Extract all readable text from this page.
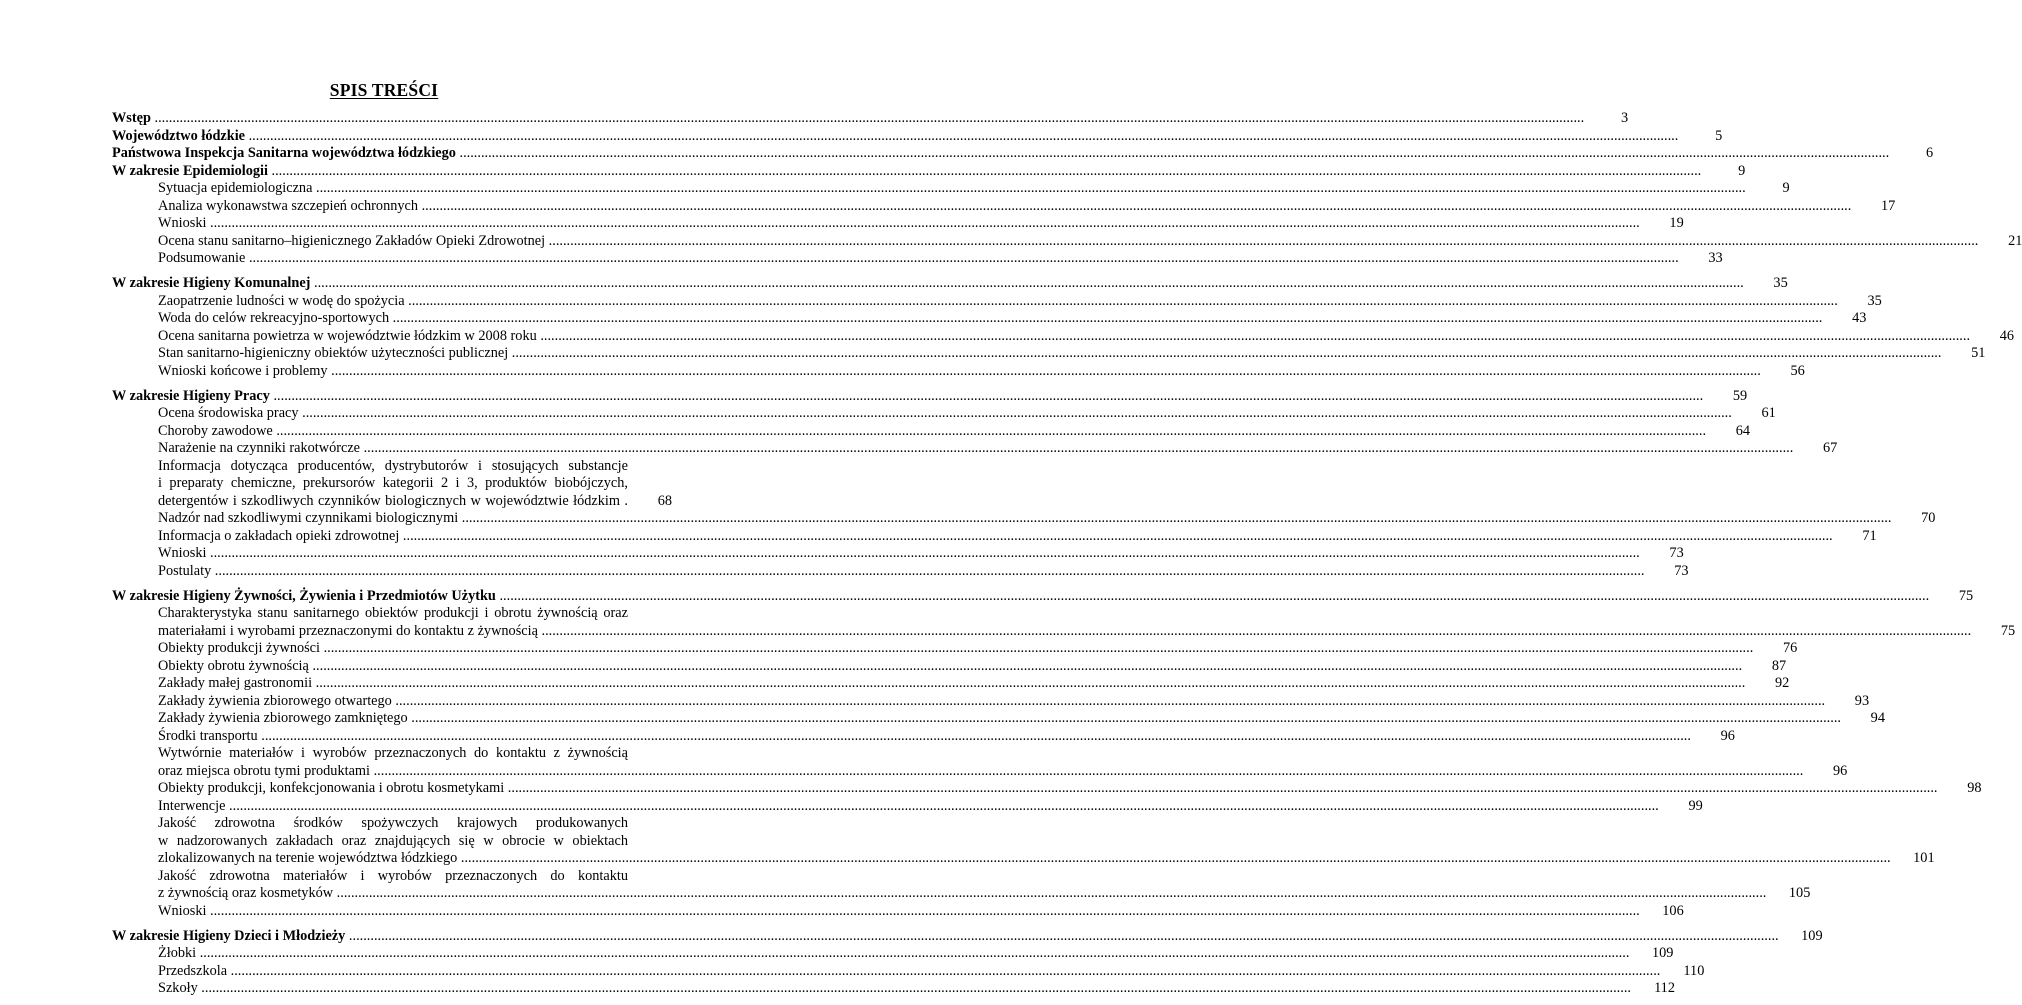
SPIS TREŚCI
Wstęp ................................................................................................................................................................................................................................................................................................................................................................................................................	3
Województwo łódzkie ................................................................................................................................................................................................................................................................................................................................................................................................................	5
Państwowa Inspekcja Sanitarna województwa łódzkiego ................................................................................................................................................................................................................................................................................................................................................................................................................	6
W zakresie Epidemiologii ................................................................................................................................................................................................................................................................................................................................................................................................................	9
Sytuacja epidemiologiczna ................................................................................................................................................................................................................................................................................................................................................................................................................	9
Analiza wykonawstwa szczepień ochronnych ................................................................................................................................................................................................................................................................................................................................................................................................................	17
Wnioski ................................................................................................................................................................................................................................................................................................................................................................................................................	19
Ocena stanu sanitarno–higienicznego Zakładów Opieki Zdrowotnej ................................................................................................................................................................................................................................................................................................................................................................................................................	21
Podsumowanie ................................................................................................................................................................................................................................................................................................................................................................................................................	33
W zakresie Higieny Komunalnej ................................................................................................................................................................................................................................................................................................................................................................................................................	35
Zaopatrzenie ludności w wodę do spożycia ................................................................................................................................................................................................................................................................................................................................................................................................................	35
Woda do celów rekreacyjno-sportowych ................................................................................................................................................................................................................................................................................................................................................................................................................	43
Ocena sanitarna powietrza w województwie łódzkim w 2008 roku ................................................................................................................................................................................................................................................................................................................................................................................................................	46
Stan sanitarno-higieniczny obiektów użyteczności publicznej ................................................................................................................................................................................................................................................................................................................................................................................................................	51
Wnioski końcowe i problemy ................................................................................................................................................................................................................................................................................................................................................................................................................	56
W zakresie Higieny Pracy ................................................................................................................................................................................................................................................................................................................................................................................................................	59
Ocena środowiska pracy ................................................................................................................................................................................................................................................................................................................................................................................................................	61
Choroby zawodowe ................................................................................................................................................................................................................................................................................................................................................................................................................	64
Narażenie na czynniki rakotwórcze ................................................................................................................................................................................................................................................................................................................................................................................................................	67
Informacja dotycząca producentów, dystrybutorów i stosujących substancje
i preparaty chemiczne, prekursorów kategorii 2 i 3, produktów biobójczych,
detergentów i szkodliwych czynników biologicznych w województwie łódzkim .	68
Nadzór nad szkodliwymi czynnikami biologicznymi ................................................................................................................................................................................................................................................................................................................................................................................................................	70
Informacja o zakładach opieki zdrowotnej ................................................................................................................................................................................................................................................................................................................................................................................................................	71
Wnioski ................................................................................................................................................................................................................................................................................................................................................................................................................	73
Postulaty ................................................................................................................................................................................................................................................................................................................................................................................................................	73
W zakresie Higieny Żywności, Żywienia i Przedmiotów Użytku ................................................................................................................................................................................................................................................................................................................................................................................................................	75
Charakterystyka stanu sanitarnego obiektów produkcji i obrotu żywnością oraz
materiałami i wyrobami przeznaczonymi do kontaktu z żywnością ................................................................................................................................................................................................................................................................................................................................................................................................................	75
Obiekty produkcji żywności ................................................................................................................................................................................................................................................................................................................................................................................................................	76
Obiekty obrotu żywnością ................................................................................................................................................................................................................................................................................................................................................................................................................	87
Zakłady małej gastronomii ................................................................................................................................................................................................................................................................................................................................................................................................................	92
Zakłady żywienia zbiorowego otwartego ................................................................................................................................................................................................................................................................................................................................................................................................................	93
Zakłady żywienia zbiorowego zamkniętego ................................................................................................................................................................................................................................................................................................................................................................................................................	94
Środki transportu ................................................................................................................................................................................................................................................................................................................................................................................................................	96
Wytwórnie materiałów i wyrobów przeznaczonych do kontaktu z żywnością
oraz miejsca obrotu tymi produktami ................................................................................................................................................................................................................................................................................................................................................................................................................	96
Obiekty produkcji, konfekcjonowania i obrotu kosmetykami ................................................................................................................................................................................................................................................................................................................................................................................................................	98
Interwencje ................................................................................................................................................................................................................................................................................................................................................................................................................	99
Jakość zdrowotna środków spożywczych krajowych produkowanych
w nadzorowanych zakładach oraz znajdujących się w obrocie w obiektach
zlokalizowanych na terenie województwa łódzkiego ................................................................................................................................................................................................................................................................................................................................................................................................................	101
Jakość zdrowotna materiałów i wyrobów przeznaczonych do kontaktu
z żywnością oraz kosmetyków ................................................................................................................................................................................................................................................................................................................................................................................................................	105
Wnioski ................................................................................................................................................................................................................................................................................................................................................................................................................	106
W zakresie Higieny Dzieci i Młodzieży ................................................................................................................................................................................................................................................................................................................................................................................................................	109
Żłobki ................................................................................................................................................................................................................................................................................................................................................................................................................	109
Przedszkola ................................................................................................................................................................................................................................................................................................................................................................................................................	110
Szkoły ................................................................................................................................................................................................................................................................................................................................................................................................................	112
